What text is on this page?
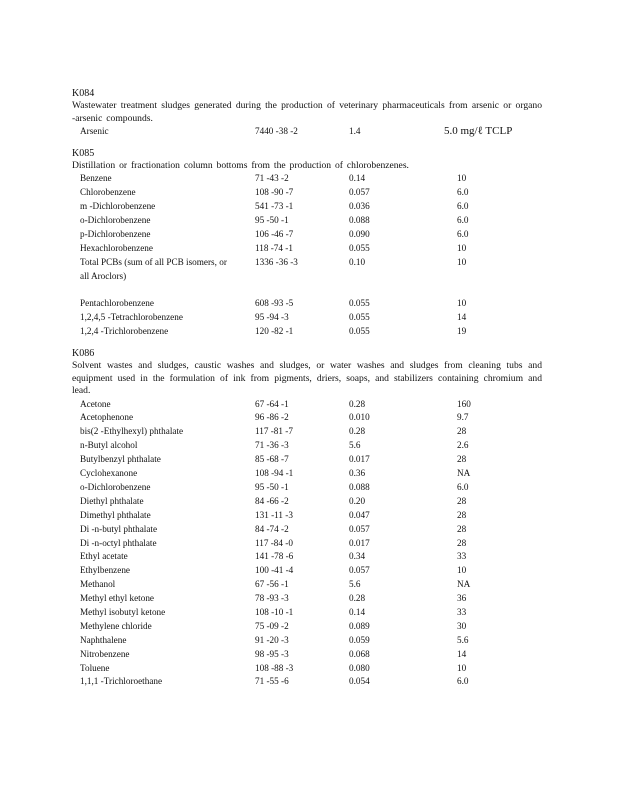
K084
Wastewater treatment sludges generated during the production of veterinary pharmaceuticals from arsenic or organo -arsenic compounds.
Arsenic	7440 -38 -2	1.4	5.0 mg/ℓ TCLP
K085
Distillation or fractionation column bottoms from the production of chlorobenzenes.
Benzene	71 -43 -2	0.14	10
Chlorobenzene	108 -90 -7	0.057	6.0
m -Dichlorobenzene	541 -73 -1	0.036	6.0
o-Dichlorobenzene	95 -50 -1	0.088	6.0
p-Dichlorobenzene	106 -46 -7	0.090	6.0
Hexachlorobenzene	118 -74 -1	0.055	10
Total PCBs (sum of all PCB isomers, or all Aroclors)
1336 -36 -3	0.10	10
Pentachlorobenzene	608 -93 -5	0.055	10
1,2,4,5 -Tetrachlorobenzene	95 -94 -3	0.055	14
1,2,4 -Trichlorobenzene	120 -82 -1	0.055	19
K086
Solvent wastes and sludges, caustic washes and sludges, or water washes and sludges from cleaning tubs and equipment used in the formulation of ink from pigments, driers, soaps, and stabilizers containing chromium and lead.
Acetone	67 -64 -1	0.28	160
Acetophenone	96 -86 -2	0.010	9.7
bis(2 -Ethylhexyl) phthalate	117 -81 -7	0.28	28
n-Butyl alcohol	71 -36 -3	5.6	2.6
Butylbenzyl phthalate	85 -68 -7	0.017	28
Cyclohexanone	108 -94 -1	0.36	NA
o-Dichlorobenzene	95 -50 -1	0.088	6.0
Diethyl phthalate	84 -66 -2	0.20	28
Dimethyl phthalate	131 -11 -3	0.047	28
Di -n-butyl phthalate	84 -74 -2	0.057	28
Di -n-octyl phthalate	117 -84 -0	0.017	28
Ethyl acetate	141 -78 -6	0.34	33
Ethylbenzene	100 -41 -4	0.057	10
Methanol	67 -56 -1	5.6	NA
Methyl ethyl ketone	78 -93 -3	0.28	36
Methyl isobutyl ketone	108 -10 -1	0.14	33
Methylene chloride	75 -09 -2	0.089	30
Naphthalene	91 -20 -3	0.059	5.6
Nitrobenzene	98 -95 -3	0.068	14
Toluene	108 -88 -3	0.080	10
1,1,1 -Trichloroethane	71 -55 -6	0.054	6.0
